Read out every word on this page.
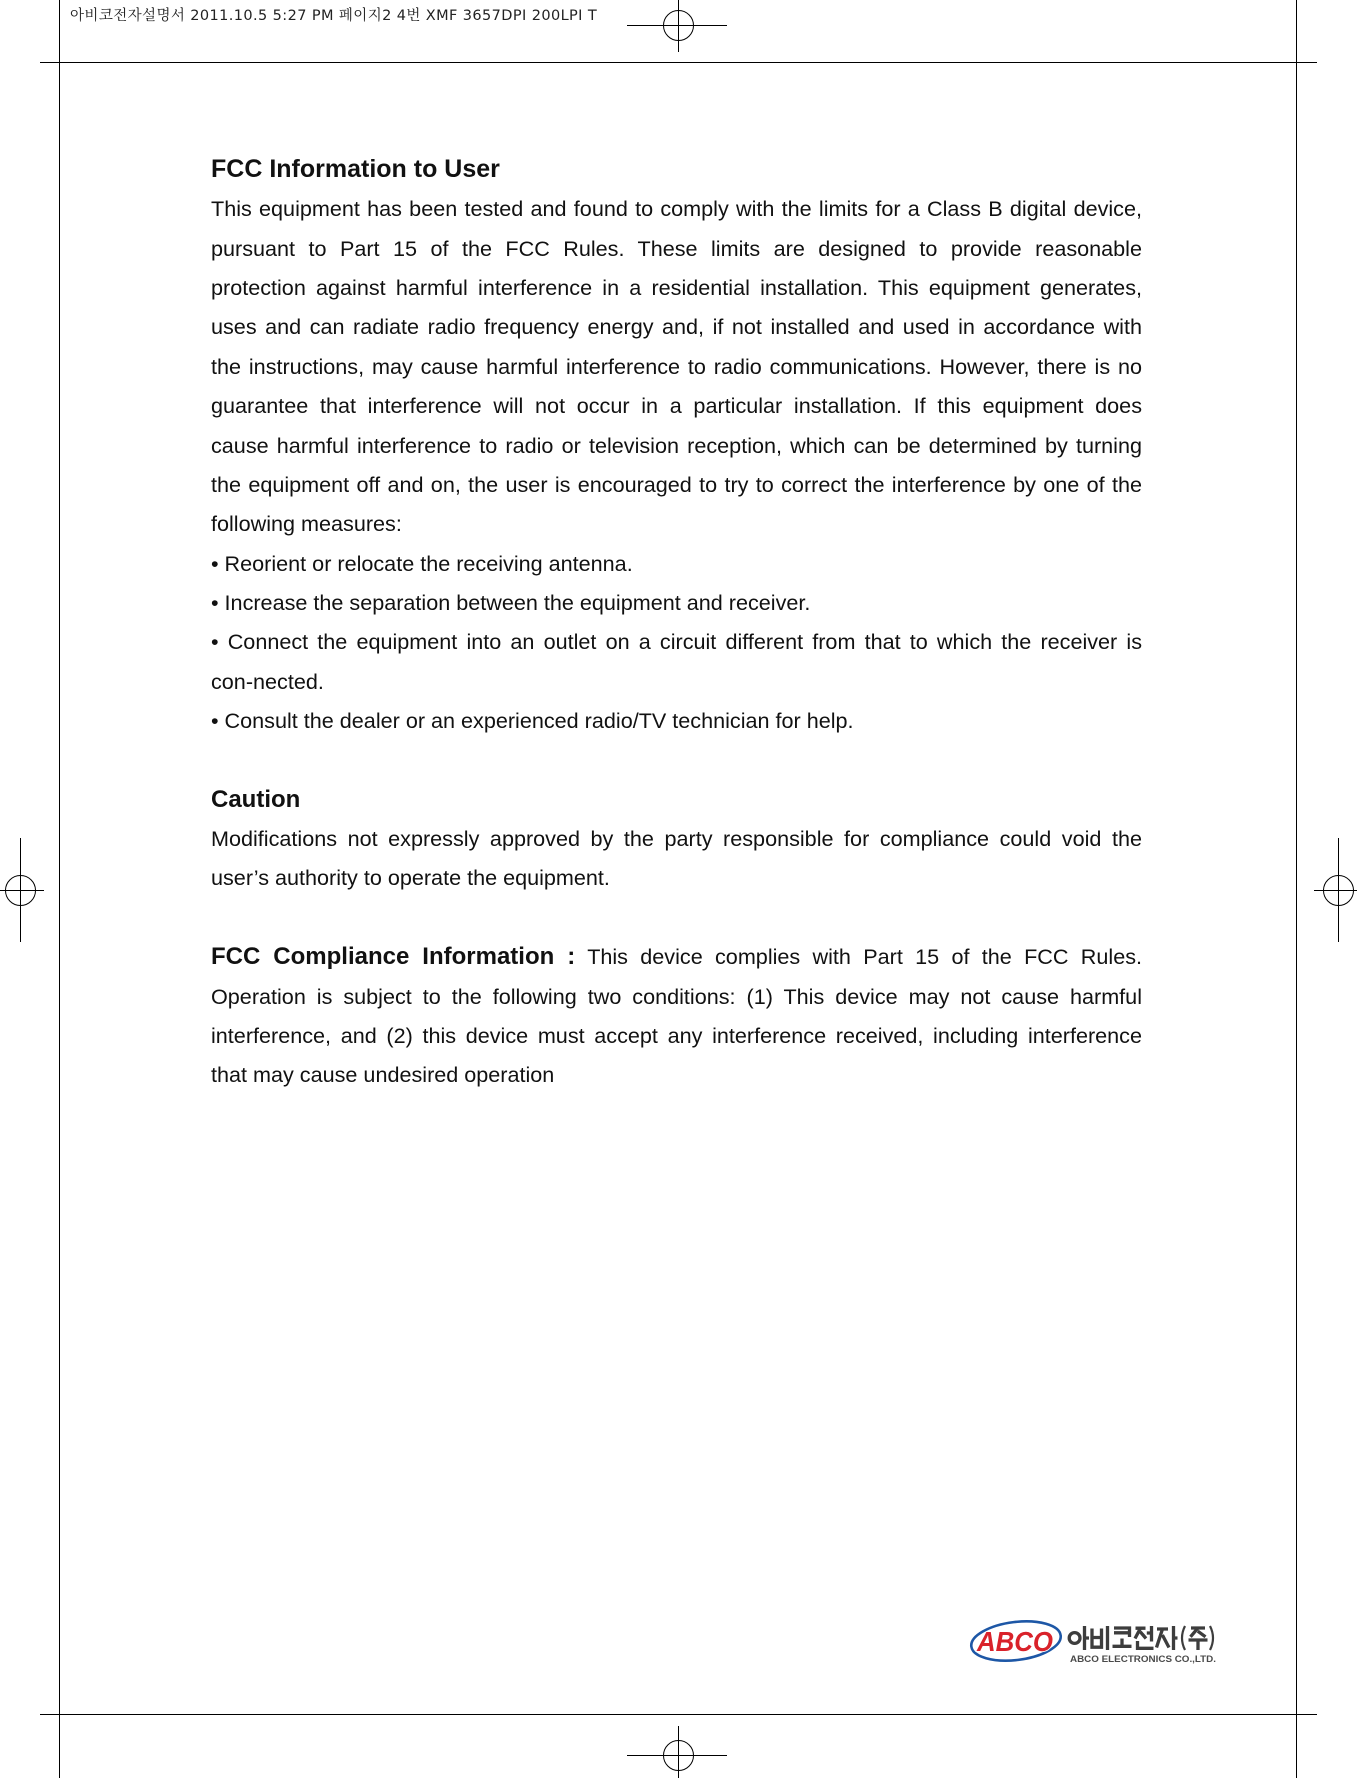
아비코전자설명서 2011.10.5 5:27 PM 페이지2 4번 XMF 3657DPI 200LPI T
FCC Information to User
This equipment has been tested and found to comply with the limits for a Class B digital device,
pursuant to Part 15 of the FCC Rules. These limits are designed to provide reasonable
protection against harmful interference in a residential installation. This equipment generates,
uses and can radiate radio frequency energy and, if not installed and used in accordance with
the instructions, may cause harmful interference to radio communications. However, there is no
guarantee that interference will not occur in a particular installation. If this equipment does
cause harmful interference to radio or television reception, which can be determined by turning
the equipment off and on, the user is encouraged to try to correct the interference by one of the
following measures:
• Reorient or relocate the receiving antenna.
• Increase the separation between the equipment and receiver.
• Connect the equipment into an outlet on a circuit different from that to which the receiver is
con-nected.
• Consult the dealer or an experienced radio/TV technician for help.
Caution
Modifications not expressly approved by the party responsible for compliance could void the
user’s authority to operate the equipment.
FCC Compliance Information : This device complies with Part 15 of the FCC Rules.
Operation is subject to the following two conditions: (1) This device may not cause harmful
interference, and (2) this device must accept any interference received, including interference
that may cause undesired operation
ABCO
ABCO ELECTRONICS CO.,LTD.
